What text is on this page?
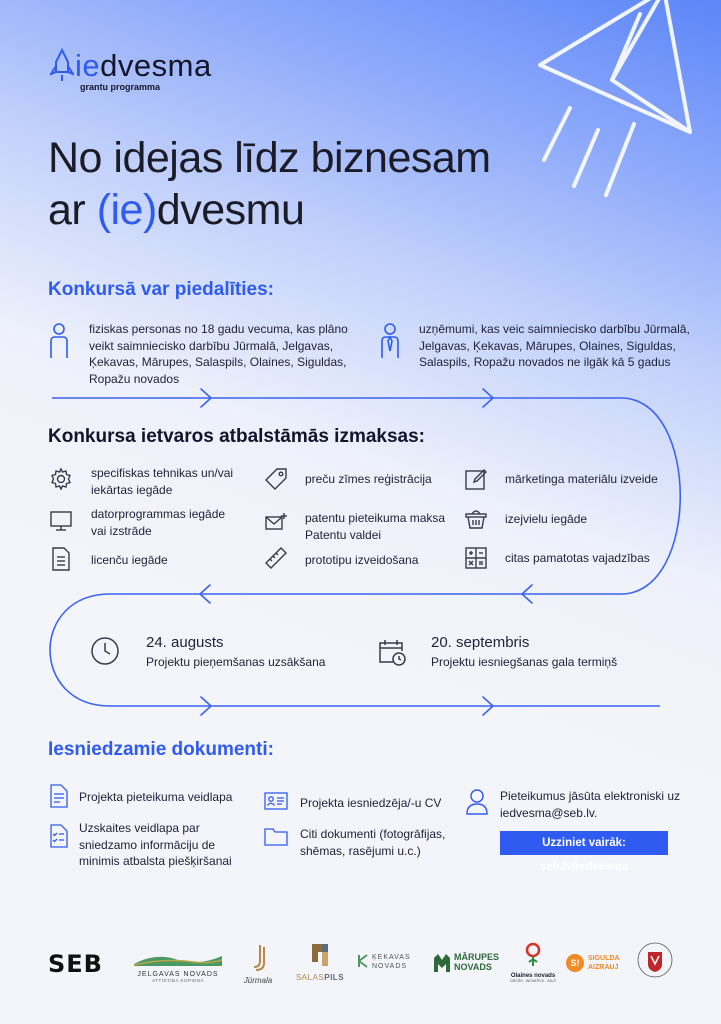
iedvesma
grantu programma
No idejas līdz biznesam
ar (ie)dvesmu
Konkursā var piedalīties:
fiziskas personas no 18 gadu vecuma, kas plāno veikt saimniecisko darbību Jūrmalā, Jelgavas, Ķekavas, Mārupes, Salaspils, Olaines, Siguldas, Ropažu novados
uzņēmumi, kas veic saimniecisko darbību Jūrmalā, Jelgavas, Ķekavas, Mārupes, Olaines, Siguldas, Salaspils, Ropažu novados ne ilgāk kā 5 gadus
Konkursa ietvaros atbalstāmās izmaksas:
specifiskas tehnikas un/vai iekārtas iegāde
datorprogrammas iegāde vai izstrāde
licenču iegāde
preču zīmes reģistrācija
patentu pieteikuma maksa Patentu valdei
prototipu izveidošana
mārketinga materiālu izveide
izejvielu iegāde
citas pamatotas vajadzības
24. augusts
Projektu pieņemšanas uzsākšana
20. septembris
Projektu iesniegšanas gala termiņš
Iesniedzamie dokumenti:
Projekta pieteikuma veidlapa
Uzskaites veidlapa par sniedzamo informāciju de minimis atbalsta piešķiršanai
Projekta iesniedzēja/-u CV
Citi dokumenti (fotogrāfijas, shēmas, rasējumi u.c.)
Pieteikumus jāsūta elektroniski uz iedvesma@seb.lv.
Uzziniet vairāk: seb.lv/iedvesma
SEB	JELGAVAS NOVADS
ATTĪSTĪBA KOPIENĀ	Jūrmala	SALASPILS
ĶEKAVAS
NOVADS
MĀRUPES
NOVADS
Olaines novads
DROŠS · INOVATĪVS · ZAĻŠ
S!	SIGULDA
AIZRAUJ
